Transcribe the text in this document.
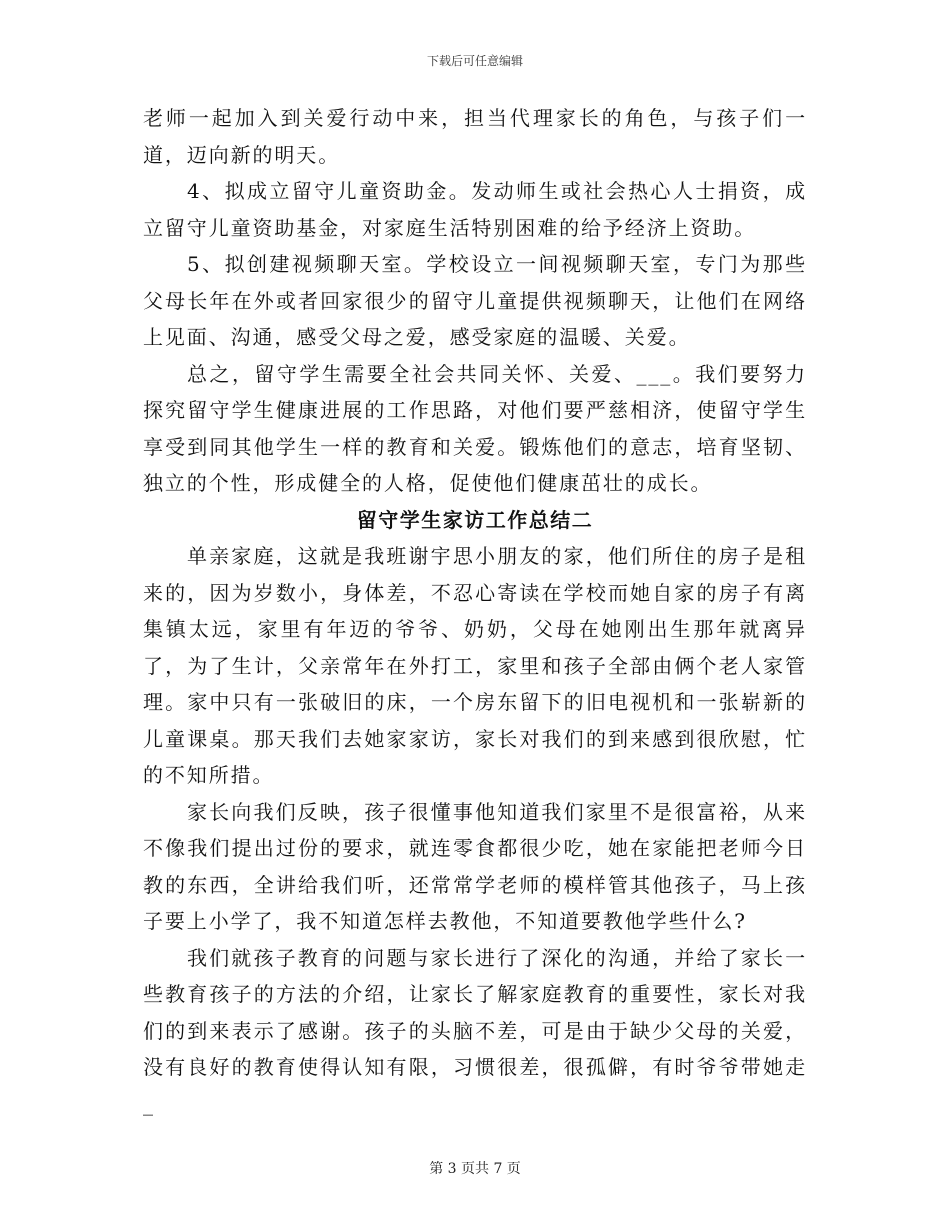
下载后可任意编辑

老师一起加入到关爱行动中来，担当代理家长的角色，与孩子们一道，迈向新的明天。

4、拟成立留守儿童资助金。发动师生或社会热心人士捐资，成立留守儿童资助基金，对家庭生活特别困难的给予经济上资助。

5、拟创建视频聊天室。学校设立一间视频聊天室，专门为那些父母长年在外或者回家很少的留守儿童提供视频聊天，让他们在网络上见面、沟通，感受父母之爱，感受家庭的温暖、关爱。

总之，留守学生需要全社会共同关怀、关爱、___。我们要努力探究留守学生健康进展的工作思路，对他们要严慈相济，使留守学生享受到同其他学生一样的教育和关爱。锻炼他们的意志，培育坚韧、独立的个性，形成健全的人格，促使他们健康茁壮的成长。

留守学生家访工作总结二

单亲家庭，这就是我班谢宇思小朋友的家，他们所住的房子是租来的，因为岁数小，身体差，不忍心寄读在学校而她自家的房子有离集镇太远，家里有年迈的爷爷、奶奶，父母在她刚出生那年就离异了，为了生计，父亲常年在外打工，家里和孩子全部由俩个老人家管理。家中只有一张破旧的床，一个房东留下的旧电视机和一张崭新的儿童课桌。那天我们去她家家访，家长对我们的到来感到很欣慰，忙的不知所措。

家长向我们反映，孩子很懂事他知道我们家里不是很富裕，从来不像我们提出过份的要求，就连零食都很少吃，她在家能把老师今日教的东西，全讲给我们听，还常常学老师的模样管其他孩子，马上孩子要上小学了，我不知道怎样去教他，不知道要教他学些什么?

我们就孩子教育的问题与家长进行了深化的沟通，并给了家长一些教育孩子的方法的介绍，让家长了解家庭教育的重要性，家长对我们的到来表示了感谢。孩子的头脑不差，可是由于缺少父母的关爱，没有良好的教育使得认知有限，习惯很差，很孤僻，有时爷爷带她走_

第 3 页共 7 页
